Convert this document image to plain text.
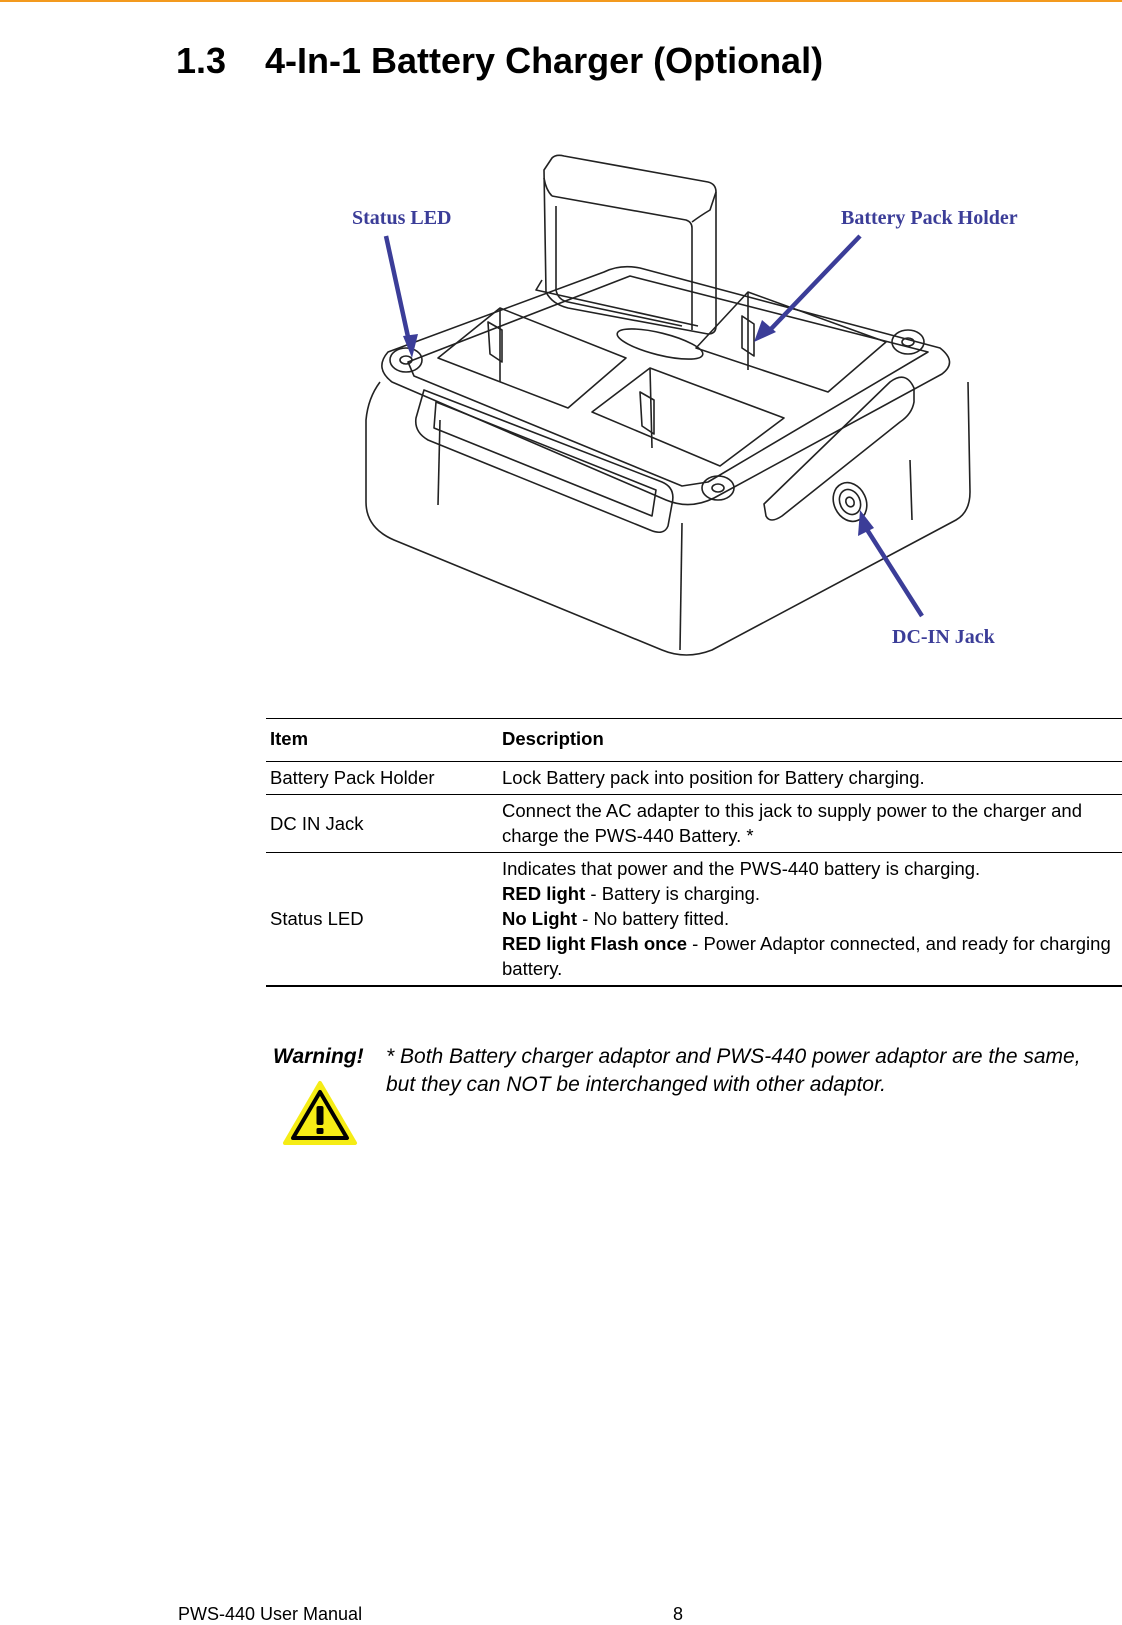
1.3 4-In-1 Battery Charger (Optional)
Status LED	Battery Pack Holder
DC-IN Jack
Item	Description
Battery Pack Holder	Lock Battery pack into position for Battery charging.
DC IN Jack	Connect the AC adapter to this jack to supply power to the charger and charge the PWS-440 Battery. *
Status LED	Indicates that power and the PWS-440 battery is charging.
RED light - Battery is charging.
No Light - No battery fitted.
RED light Flash once - Power Adaptor connected, and ready for charging battery.
Warning! * Both Battery charger adaptor and PWS-440 power adaptor are the same, but they can NOT be interchanged with other adaptor.
PWS-440 User Manual	8
